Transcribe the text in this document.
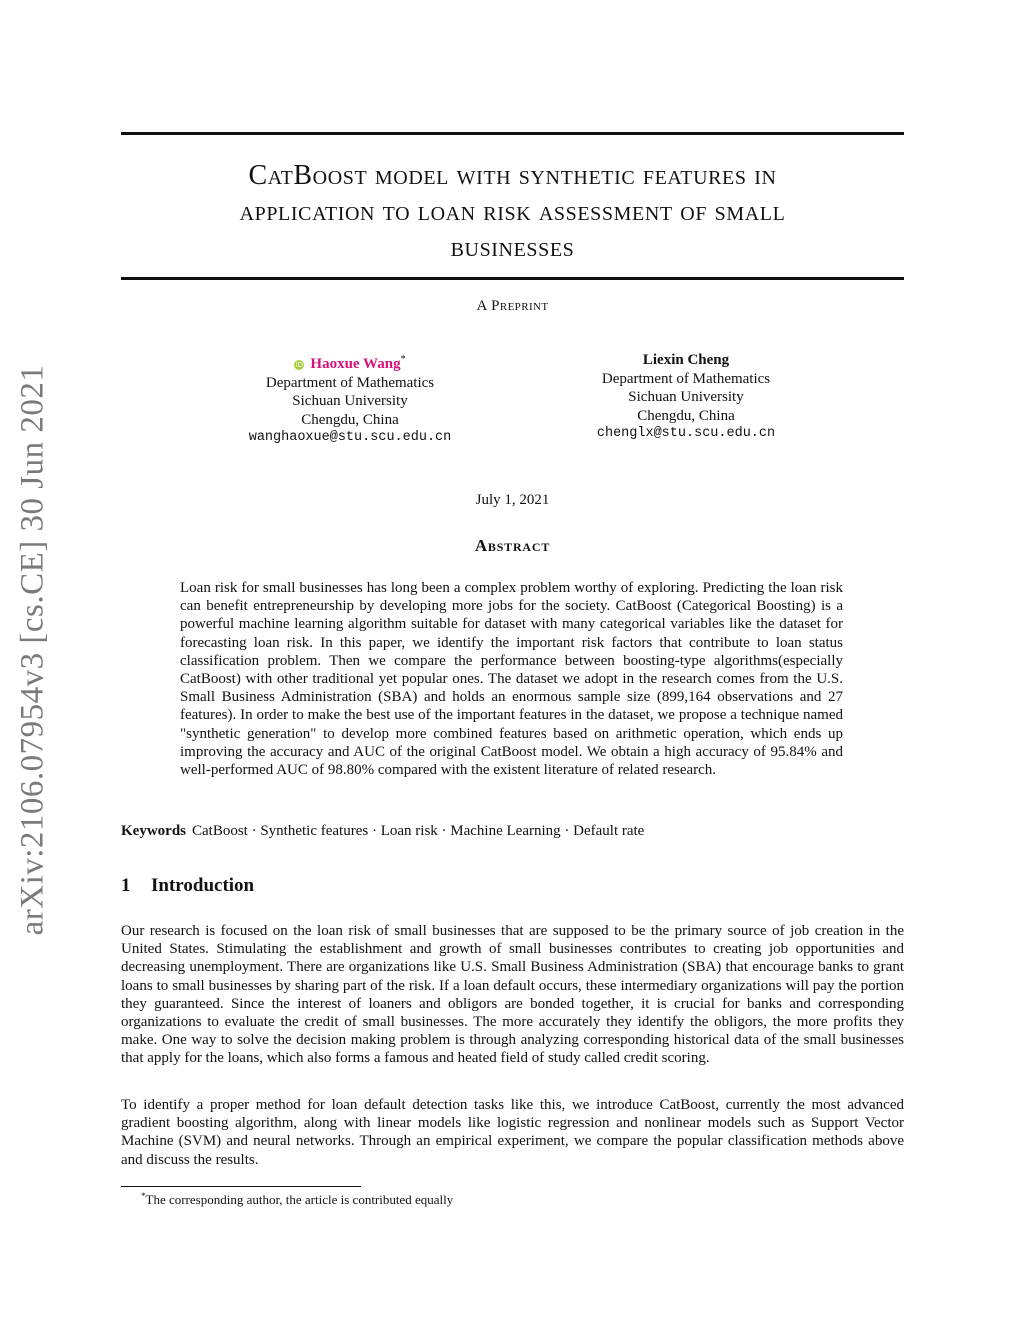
arXiv:2106.07954v3 [cs.CE] 30 Jun 2021
CatBoost model with synthetic features in
application to loan risk assessment of small
businesses
A Preprint
iD Haoxue Wang*
Department of Mathematics
Sichuan University
Chengdu, China
wanghaoxue@stu.scu.edu.cn
Liexin Cheng
Department of Mathematics
Sichuan University
Chengdu, China
chenglx@stu.scu.edu.cn
July 1, 2021
Abstract
Loan risk for small businesses has long been a complex problem worthy of exploring. Predicting the loan risk can benefit entrepreneurship by developing more jobs for the society. CatBoost (Categorical Boosting) is a powerful machine learning algorithm suitable for dataset with many categorical variables like the dataset for forecasting loan risk. In this paper, we identify the important risk factors that contribute to loan status classification problem. Then we compare the performance between boosting-type algorithms(especially CatBoost) with other traditional yet popular ones. The dataset we adopt in the research comes from the U.S. Small Business Administration (SBA) and holds an enormous sample size (899,164 observations and 27 features). In order to make the best use of the important features in the dataset, we propose a technique named "synthetic generation" to develop more combined features based on arithmetic operation, which ends up improving the accuracy and AUC of the original CatBoost model. We obtain a high accuracy of 95.84% and well-performed AUC of 98.80% compared with the existent literature of related research.
Keywords CatBoost · Synthetic features · Loan risk · Machine Learning · Default rate
1 Introduction
Our research is focused on the loan risk of small businesses that are supposed to be the primary source of job creation in the United States. Stimulating the establishment and growth of small businesses contributes to creating job opportunities and decreasing unemployment. There are organizations like U.S. Small Business Administration (SBA) that encourage banks to grant loans to small businesses by sharing part of the risk. If a loan default occurs, these intermediary organizations will pay the portion they guaranteed. Since the interest of loaners and obligors are bonded together, it is crucial for banks and corresponding organizations to evaluate the credit of small businesses. The more accurately they identify the obligors, the more profits they make. One way to solve the decision making problem is through analyzing corresponding historical data of the small businesses that apply for the loans, which also forms a famous and heated field of study called credit scoring.
To identify a proper method for loan default detection tasks like this, we introduce CatBoost, currently the most advanced gradient boosting algorithm, along with linear models like logistic regression and nonlinear models such as Support Vector Machine (SVM) and neural networks. Through an empirical experiment, we compare the popular classification methods above and discuss the results.
*The corresponding author, the article is contributed equally
